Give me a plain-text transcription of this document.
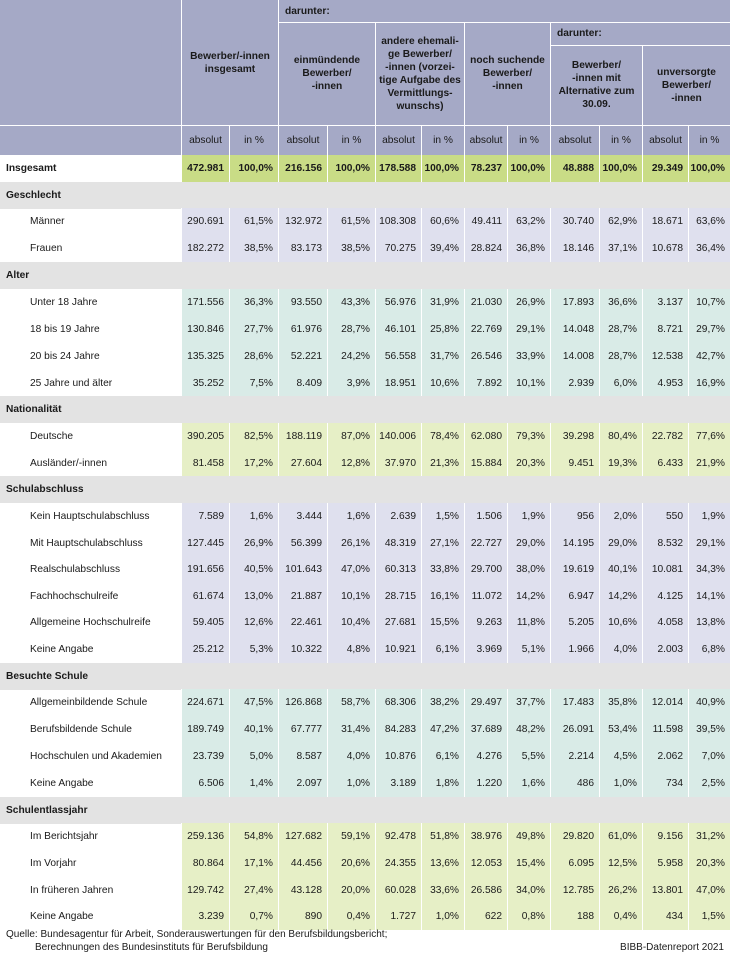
darunter:
darunter:
Bewerber/-innen
insgesamt
einmündende
Bewerber/
-innen
andere ehemali-
ge Bewerber/
-innen (vorzei-
tige Aufgabe des
Vermittlungs-
wunschs)
noch suchende
Bewerber/
-innen
Bewerber/
-innen mit
Alternative zum
30.09.
unversorgte
Bewerber/
-innen
absolut	in %	absolut	in %	absolut	in %	absolut	in %	absolut	in %	absolut	in %
Insgesamt	472.981	100,0%	216.156	100,0% 178.588 100,0%	78.237 100,0%	48.888 100,0%	29.349 100,0%
Geschlecht
Männer	290.691	61,5%	132.972	61,5% 108.308	60,6%	49.411	63,2%	30.740	62,9%	18.671	63,6%
Frauen	182.272	38,5%	83.173	38,5%	70.275	39,4%	28.824	36,8%	18.146	37,1%	10.678	36,4%
Alter
Unter 18 Jahre	171.556	36,3%	93.550	43,3%	56.976	31,9%	21.030	26,9%	17.893	36,6%	3.137	10,7%
18 bis 19 Jahre	130.846	27,7%	61.976	28,7%	46.101	25,8%	22.769	29,1%	14.048	28,7%	8.721	29,7%
20 bis 24 Jahre	135.325	28,6%	52.221	24,2%	56.558	31,7%	26.546	33,9%	14.008	28,7%	12.538	42,7%
25 Jahre und älter	35.252	7,5%	8.409	3,9%	18.951	10,6%	7.892	10,1%	2.939	6,0%	4.953	16,9%
Nationalität
Deutsche	390.205	82,5%	188.119	87,0% 140.006	78,4%	62.080	79,3%	39.298	80,4%	22.782	77,6%
Ausländer/-innen	81.458	17,2%	27.604	12,8%	37.970	21,3%	15.884	20,3%	9.451	19,3%	6.433	21,9%
Schulabschluss
Kein Hauptschulabschluss	7.589	1,6%	3.444	1,6%	2.639	1,5%	1.506	1,9%	956	2,0%	550	1,9%
Mit Hauptschulabschluss	127.445	26,9%	56.399	26,1%	48.319	27,1%	22.727	29,0%	14.195	29,0%	8.532	29,1%
Realschulabschluss	191.656	40,5%	101.643	47,0%	60.313	33,8%	29.700	38,0%	19.619	40,1%	10.081	34,3%
Fachhochschulreife	61.674	13,0%	21.887	10,1%	28.715	16,1%	11.072	14,2%	6.947	14,2%	4.125	14,1%
Allgemeine Hochschulreife	59.405	12,6%	22.461	10,4%	27.681	15,5%	9.263	11,8%	5.205	10,6%	4.058	13,8%
Keine Angabe	25.212	5,3%	10.322	4,8%	10.921	6,1%	3.969	5,1%	1.966	4,0%	2.003	6,8%
Besuchte Schule
Allgemeinbildende Schule	224.671	47,5%	126.868	58,7%	68.306	38,2%	29.497	37,7%	17.483	35,8%	12.014	40,9%
Berufsbildende Schule	189.749	40,1%	67.777	31,4%	84.283	47,2%	37.689	48,2%	26.091	53,4%	11.598	39,5%
Hochschulen und Akademien	23.739	5,0%	8.587	4,0%	10.876	6,1%	4.276	5,5%	2.214	4,5%	2.062	7,0%
Keine Angabe	6.506	1,4%	2.097	1,0%	3.189	1,8%	1.220	1,6%	486	1,0%	734	2,5%
Schulentlassjahr
Im Berichtsjahr	259.136	54,8%	127.682	59,1%	92.478	51,8%	38.976	49,8%	29.820	61,0%	9.156	31,2%
Im Vorjahr	80.864	17,1%	44.456	20,6%	24.355	13,6%	12.053	15,4%	6.095	12,5%	5.958	20,3%
In früheren Jahren	129.742	27,4%	43.128	20,0%	60.028	33,6%	26.586	34,0%	12.785	26,2%	13.801	47,0%
Keine Angabe	3.239	0,7%	890	0,4%	1.727	1,0%	622	0,8%	188	0,4%	434	1,5%
Quelle: Bundesagentur für Arbeit, Sonderauswertungen für den Berufsbildungsbericht;
Berechnungen des Bundesinstituts für Berufsbildung	BIBB-Datenreport 2021
